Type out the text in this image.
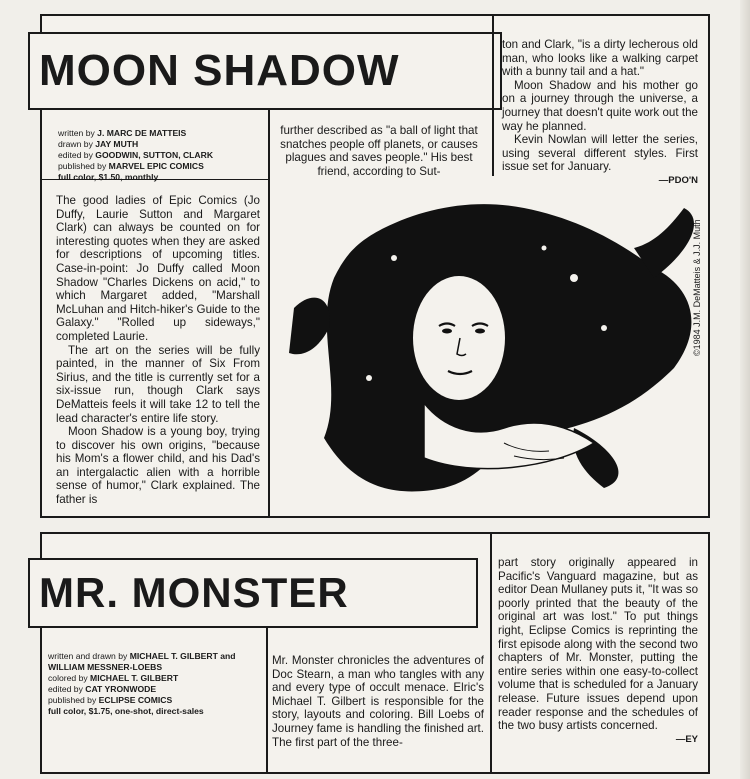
MOON SHADOW
written by J. MARC DE MATTEIS
drawn by JAY MUTH
edited by GOODWIN, SUTTON, CLARK
published by MARVEL EPIC COMICS
full color, $1.50, monthly

The good ladies of Epic Comics (Jo Duffy, Laurie Sutton and Margaret Clark) can always be counted on for interesting quotes when they are asked for descriptions of upcoming titles. Case-in-point: Jo Duffy called Moon Shadow "Charles Dickens on acid," to which Margaret added, "Marshall McLuhan and Hitch-hiker's Guide to the Galaxy." "Rolled up sideways," completed Laurie.

The art on the series will be fully painted, in the manner of Six From Sirius, and the title is currently set for a six-issue run, though Clark says DeMatteis feels it will take 12 to tell the lead character's entire life story.

Moon Shadow is a young boy, trying to discover his own origins, "because his Mom's a flower child, and his Dad's an intergalactic alien with a horrible sense of humor," Clark explained. The father is

further described as "a ball of light that snatches people off planets, or causes plagues and saves people." His best friend, according to Sut-

ton and Clark, "is a dirty lecherous old man, who looks like a walking carpet with a bunny tail and a hat."

Moon Shadow and his mother go on a journey through the universe, a journey that doesn't quite work out the way he planned.

Kevin Nowlan will letter the series, using several different styles. First issue set for January.

—PDO'N
©1984 J.M. DeMatteis & J.J. Muth
MR. MONSTER
written and drawn by MICHAEL T. GILBERT and WILLIAM MESSNER-LOEBS
colored by MICHAEL T. GILBERT
edited by CAT YRONWODE
published by ECLIPSE COMICS
full color, $1.75, one-shot, direct-sales

Mr. Monster chronicles the adventures of Doc Stearn, a man who tangles with any and every type of occult menace. Elric's Michael T. Gilbert is responsible for the story, layouts and coloring. Bill Loebs of Journey fame is handling the finished art. The first part of the three-

part story originally appeared in Pacific's Vanguard magazine, but as editor Dean Mullaney puts it, "It was so poorly printed that the beauty of the original art was lost." To put things right, Eclipse Comics is reprinting the first episode along with the second two chapters of Mr. Monster, putting the entire series within one easy-to-collect volume that is scheduled for a January release. Future issues depend upon reader response and the schedules of the two busy artists concerned.

—EY
